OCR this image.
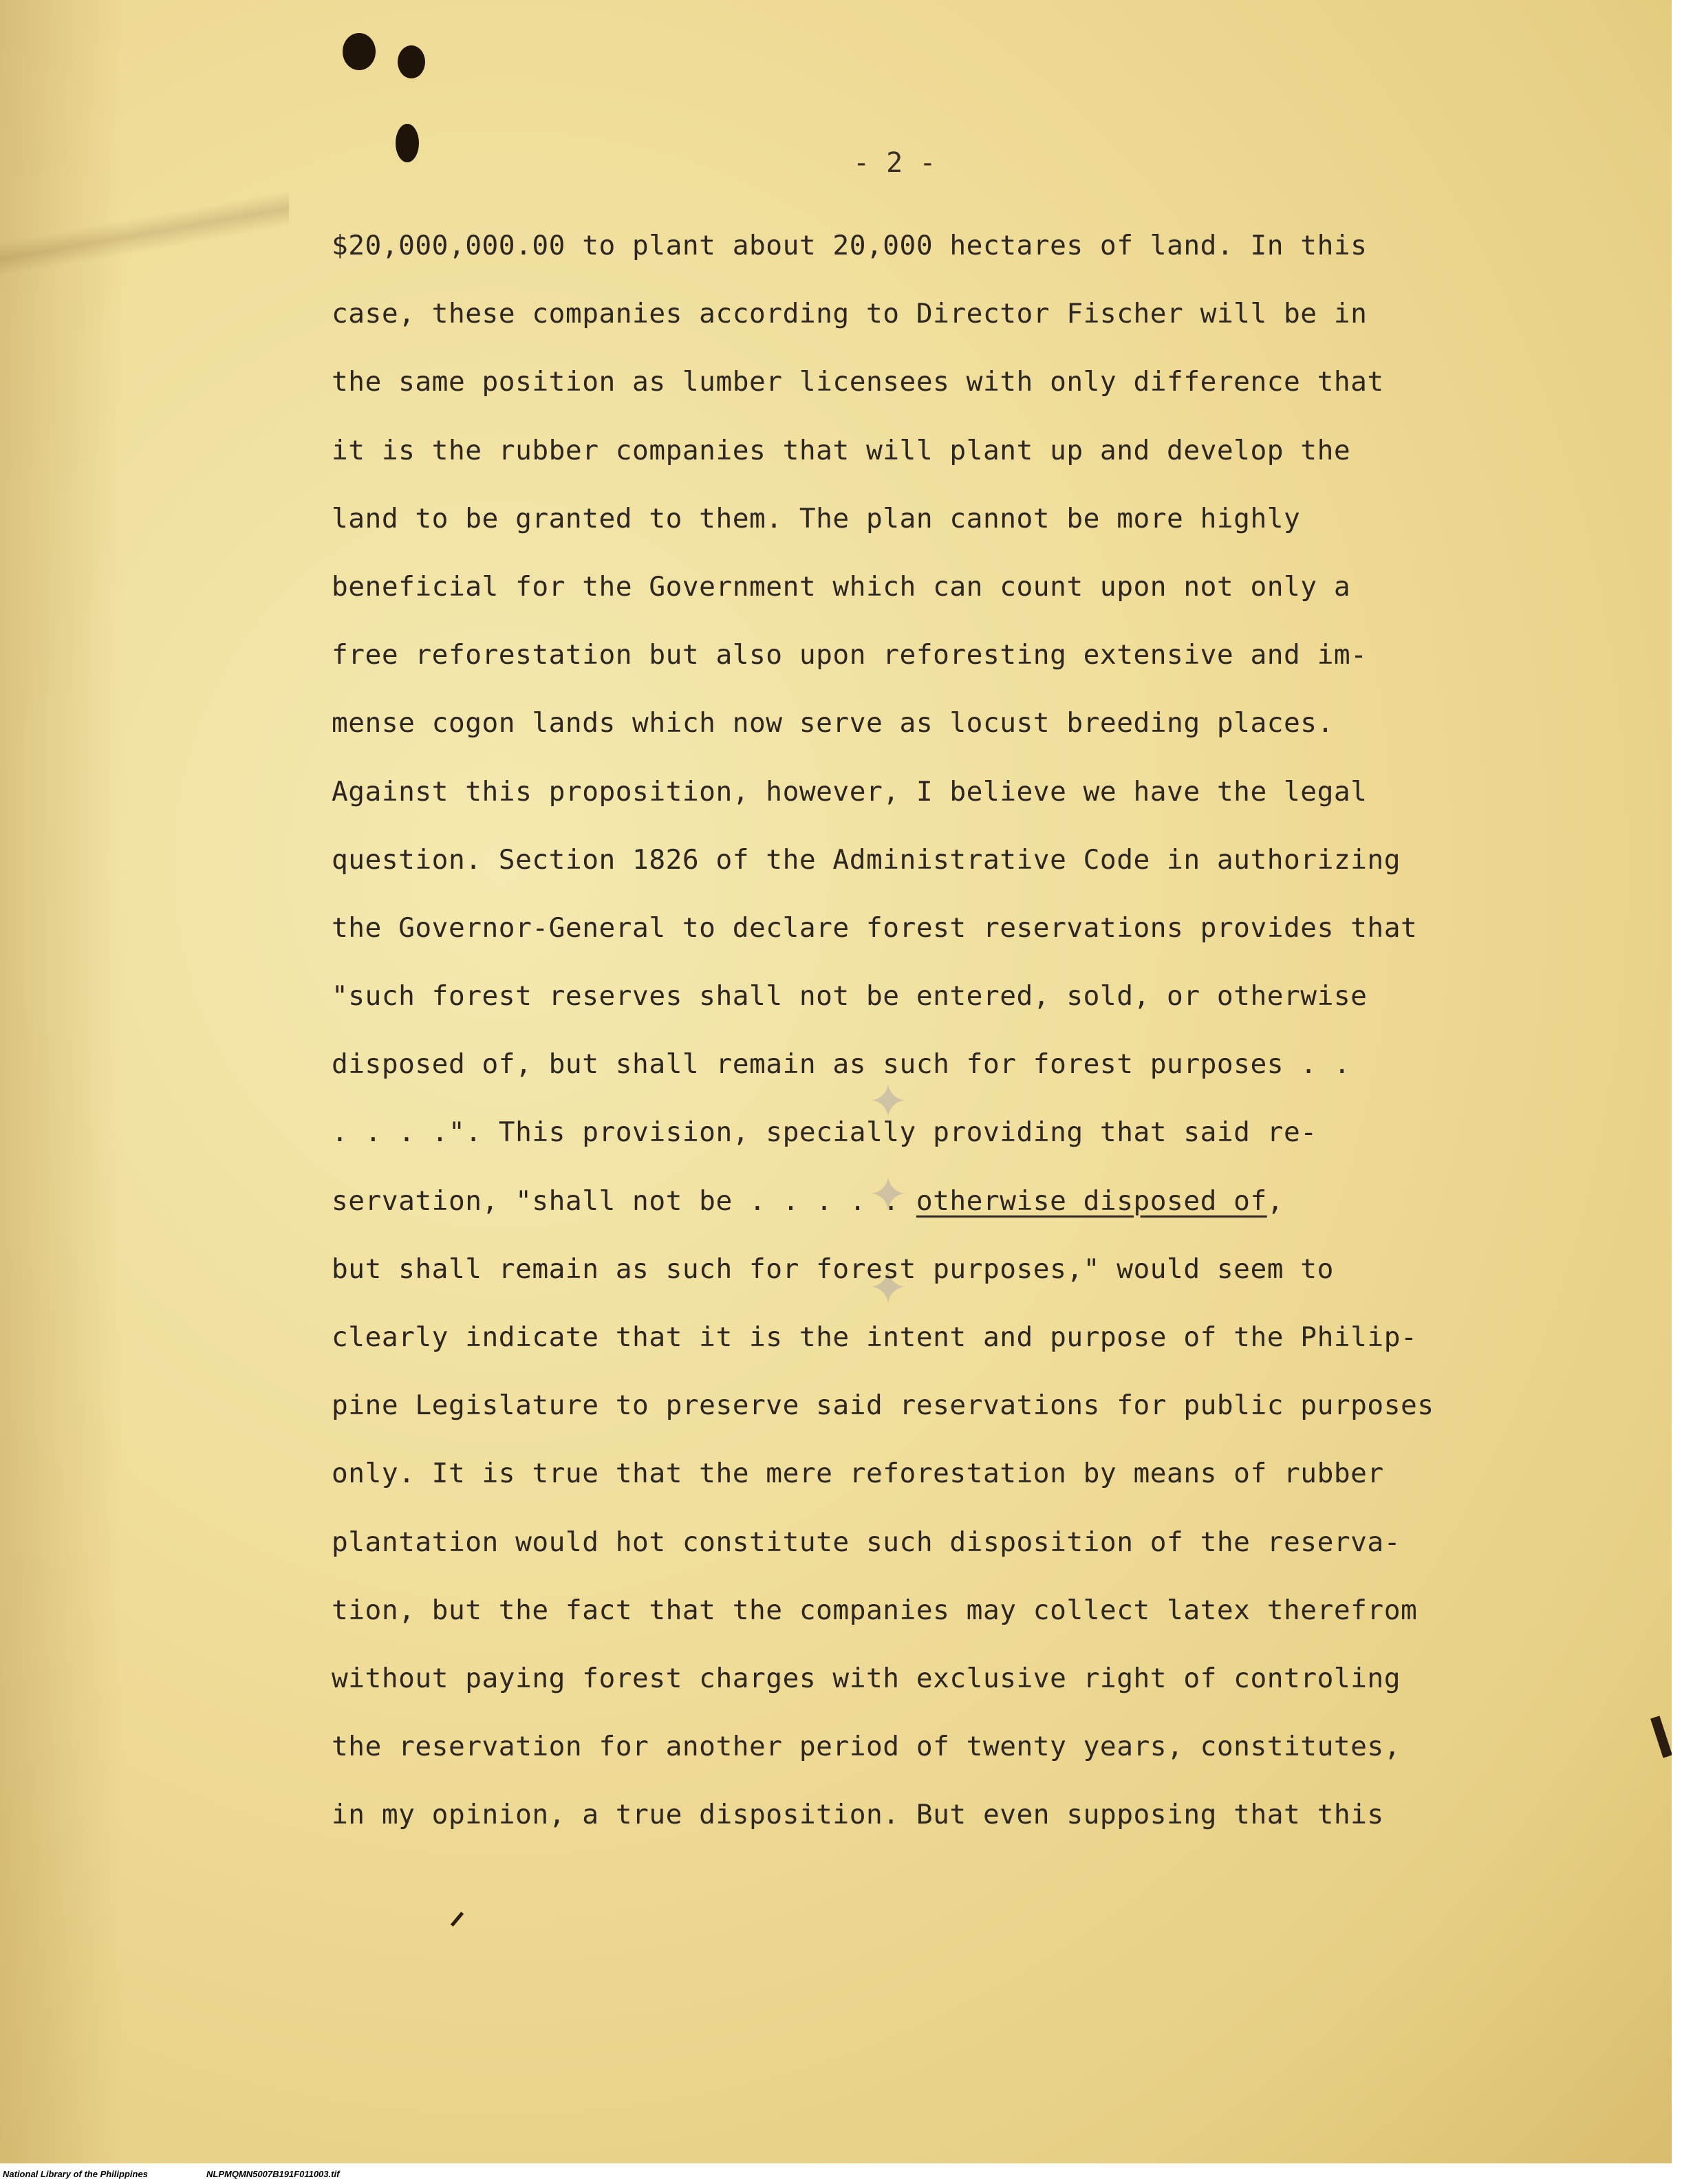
✦ ✦ ✦
- 2 -
$20,000,000.00 to plant about 20,000 hectares of land. In this
case, these companies according to Director Fischer will be in
the same position as lumber licensees with only difference that
it is the rubber companies that will plant up and develop the
land to be granted to them. The plan cannot be more highly
beneficial for the Government which can count upon not only a
free reforestation but also upon reforesting extensive and im-
mense cogon lands which now serve as locust breeding places.
Against this proposition, however, I believe we have the legal
question. Section 1826 of the Administrative Code in authorizing
the Governor-General to declare forest reservations provides that
"such forest reserves shall not be entered, sold, or otherwise
disposed of, but shall remain as such for forest purposes . .
. . . .". This provision, specially providing that said re-
servation, "shall not be . . . . . otherwise disposed of,
but shall remain as such for forest purposes," would seem to
clearly indicate that it is the intent and purpose of the Philip-
pine Legislature to preserve said reservations for public purposes
only. It is true that the mere reforestation by means of rubber
plantation would hot constitute such disposition of the reserva-
tion, but the fact that the companies may collect latex therefrom
without paying forest charges with exclusive right of controling
the reservation for another period of twenty years, constitutes,
in my opinion, a true disposition. But even supposing that this
National Library of the Philippines	NLPMQMN5007B191F011003.tif
